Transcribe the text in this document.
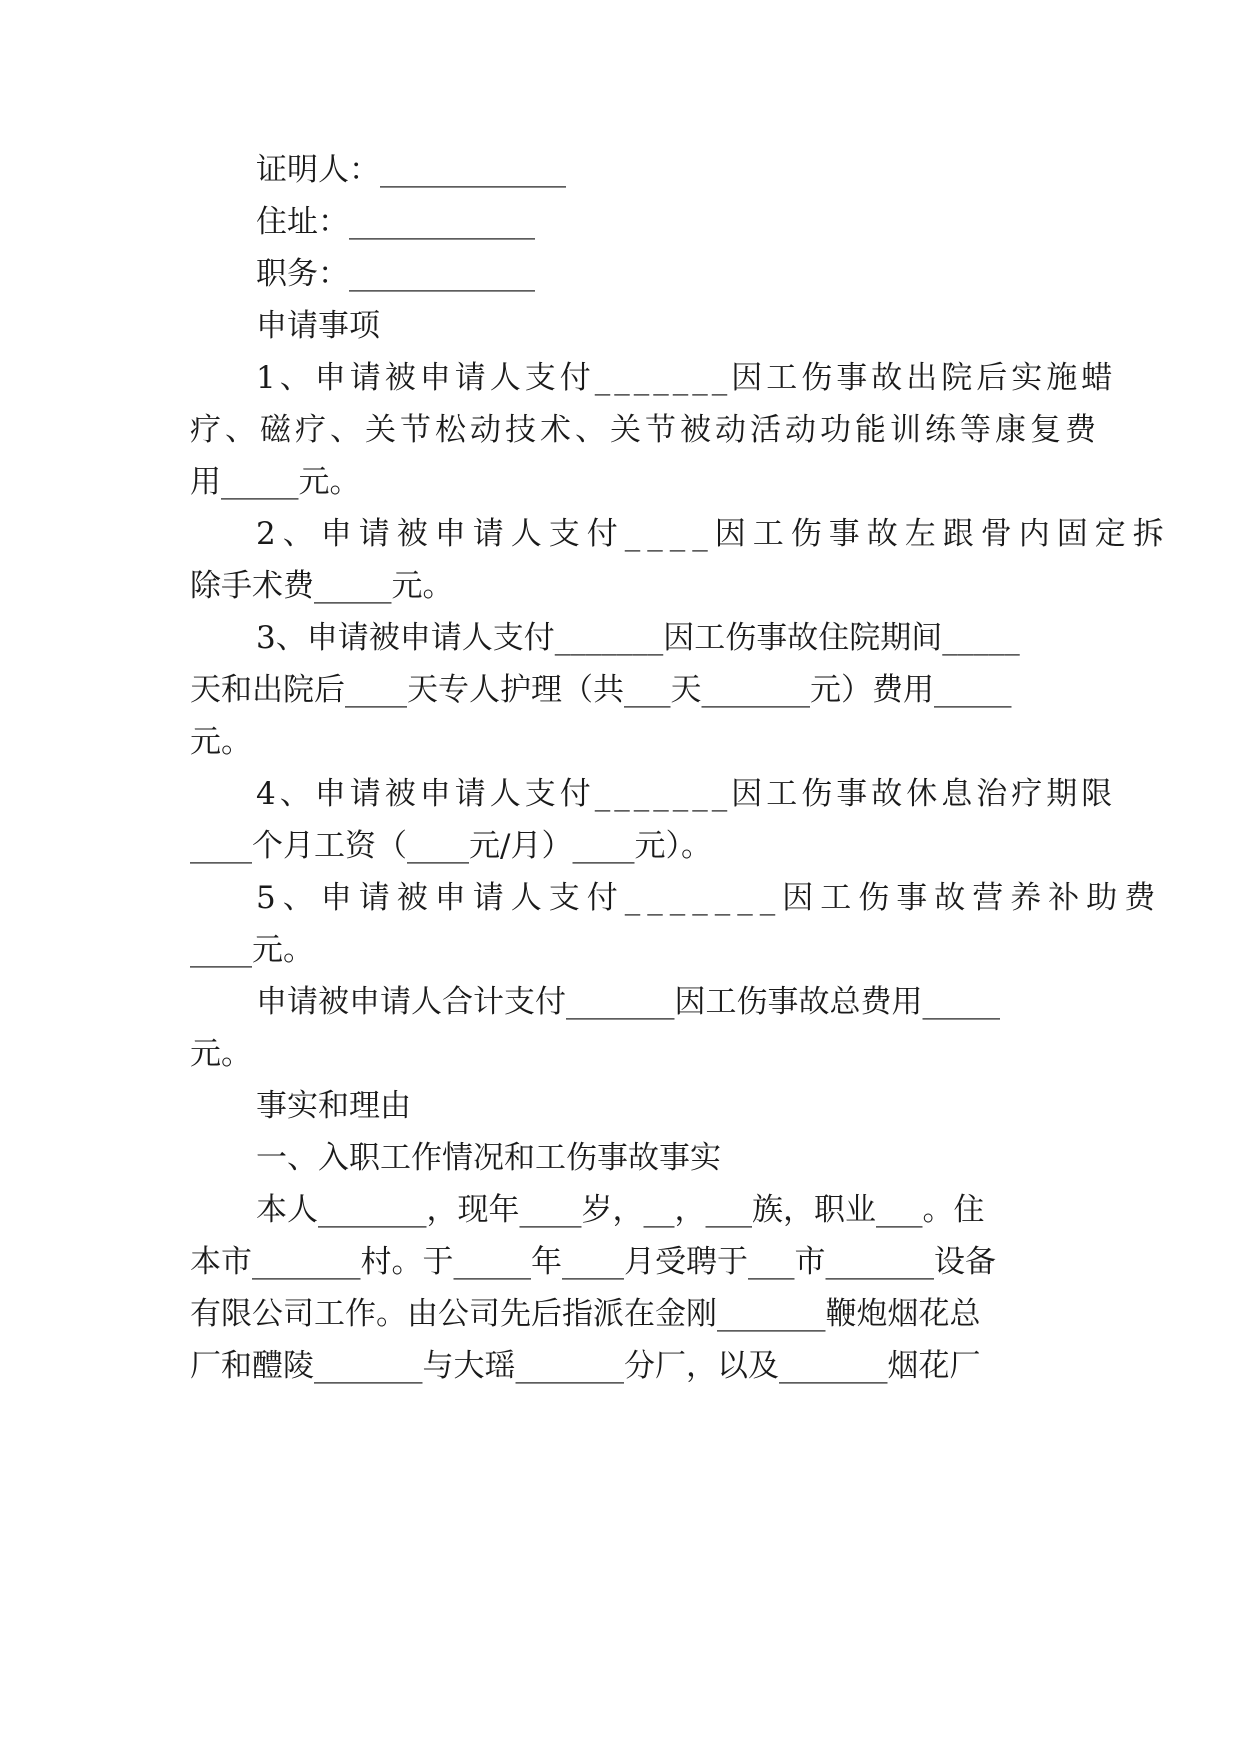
证明人：____________

住址：____________

职务：____________

申请事项

1、申请被申请人支付_______因工伤事故出院后实施蜡

疗、磁疗、关节松动技术、关节被动活动功能训练等康复费

用_____元。

2、申请被申请人支付____因工伤事故左跟骨内固定拆

除手术费_____元。

3、申请被申请人支付_______因工伤事故住院期间_____

天和出院后____天专人护理（共___天_______元）费用_____

元。

4、申请被申请人支付_______因工伤事故休息治疗期限

____个月工资（____元/月）____元）。

5、申请被申请人支付_______因工伤事故营养补助费

____元。

申请被申请人合计支付_______因工伤事故总费用_____

元。

事实和理由

一、入职工作情况和工伤事故事实

本人_______，现年____岁，__，___族，职业___。住

本市_______村。于_____年____月受聘于___市_______设备

有限公司工作。由公司先后指派在金刚_______鞭炮烟花总

厂和醴陵_______与大瑶_______分厂，以及_______烟花厂
